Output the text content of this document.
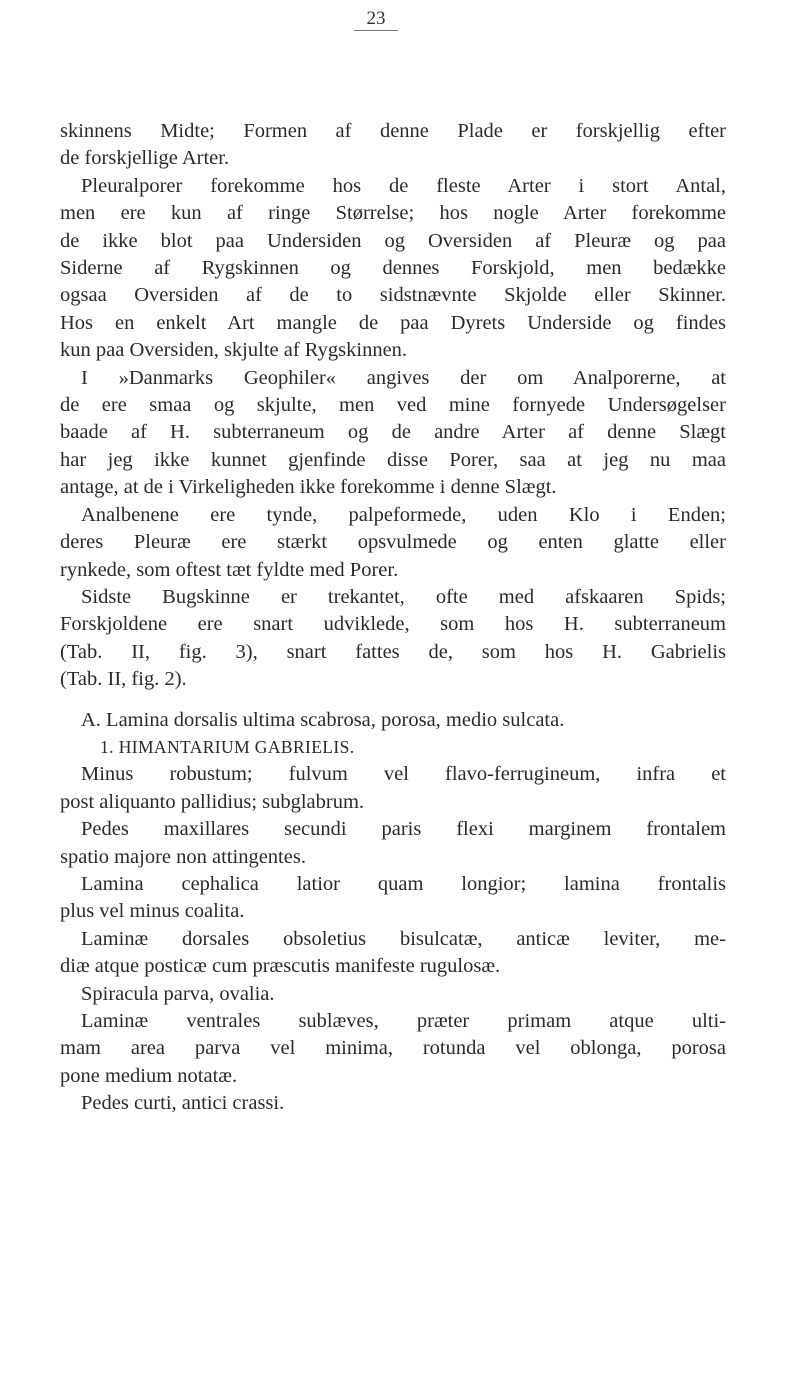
23
skinnens Midte; Formen af denne Plade er forskjellig efter
de forskjellige Arter.
Pleuralporer forekomme hos de fleste Arter i stort Antal,
men ere kun af ringe Størrelse; hos nogle Arter forekomme
de ikke blot paa Undersiden og Oversiden af Pleuræ og paa
Siderne af Rygskinnen og dennes Forskjold, men bedække
ogsaa Oversiden af de to sidstnævnte Skjolde eller Skinner.
Hos en enkelt Art mangle de paa Dyrets Underside og findes
kun paa Oversiden, skjulte af Rygskinnen.
I »Danmarks Geophiler« angives der om Analporerne, at
de ere smaa og skjulte, men ved mine fornyede Undersøgelser
baade af H. subterraneum og de andre Arter af denne Slægt
har jeg ikke kunnet gjenfinde disse Porer, saa at jeg nu maa
antage, at de i Virkeligheden ikke forekomme i denne Slægt.
Analbenene ere tynde, palpeformede, uden Klo i Enden;
deres Pleuræ ere stærkt opsvulmede og enten glatte eller
rynkede, som oftest tæt fyldte med Porer.
Sidste Bugskinne er trekantet, ofte med afskaaren Spids;
Forskjoldene ere snart udviklede, som hos H. subterraneum
(Tab. II, fig. 3), snart fattes de, som hos H. Gabrielis
(Tab. II, fig. 2).
A. Lamina dorsalis ultima scabrosa, porosa, medio sulcata.
1. HIMANTARIUM GABRIELIS.
Minus robustum; fulvum vel flavo-ferrugineum, infra et
post aliquanto pallidius; subglabrum.
Pedes maxillares secundi paris flexi marginem frontalem
spatio majore non attingentes.
Lamina cephalica latior quam longior; lamina frontalis
plus vel minus coalita.
Laminæ dorsales obsoletius bisulcatæ, anticæ leviter, me-
diæ atque posticæ cum præscutis manifeste rugulosæ.
Spiracula parva, ovalia.
Laminæ ventrales sublæves, præter primam atque ulti-
mam area parva vel minima, rotunda vel oblonga, porosa
pone medium notatæ.
Pedes curti, antici crassi.
